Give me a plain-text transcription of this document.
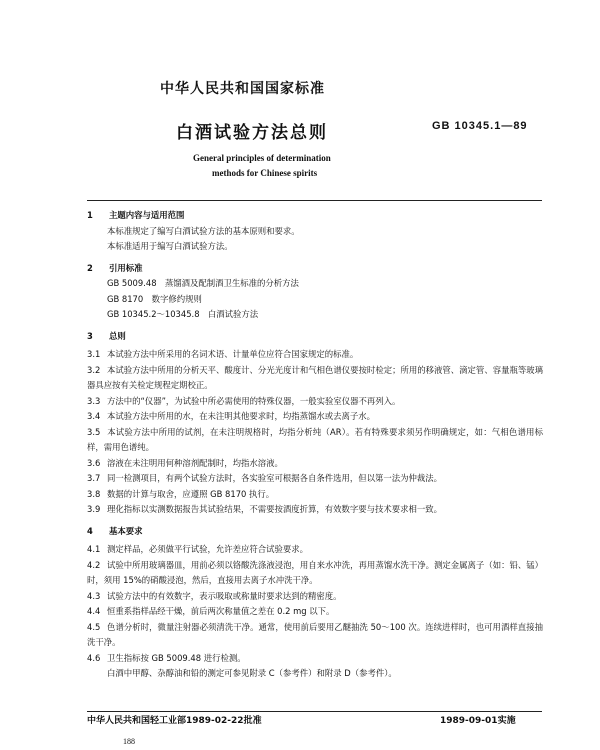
中华人民共和国国家标准
白酒试验方法总则	GB 10345.1—89
General principles of determination
methods for Chinese spirits
1 主题内容与适用范围
本标准规定了编写白酒试验方法的基本原则和要求。
本标准适用于编写白酒试验方法。
2 引用标准
GB 5009.48　蒸馏酒及配制酒卫生标准的分析方法
GB 8170　数字修约规则
GB 10345.2～10345.8　白酒试验方法
3 总则
3.1 本试验方法中所采用的名词术语、计量单位应符合国家规定的标准。
3.2 本试验方法中所用的分析天平、酸度计、分光光度计和气相色谱仪要按时检定；所用的移液管、滴定管、容量瓶等玻璃器具应按有关检定规程定期校正。
3.3 方法中的“仪器”，为试验中所必需使用的特殊仪器，一般实验室仪器不再列入。
3.4 本试验方法中所用的水，在未注明其他要求时，均指蒸馏水或去离子水。
3.5 本试验方法中所用的试剂，在未注明规格时，均指分析纯（AR）。若有特殊要求须另作明确规定，如：气相色谱用标样，需用色谱纯。
3.6 溶液在未注明用何种溶剂配制时，均指水溶液。
3.7 同一检测项目，有两个试验方法时，各实验室可根据各自条件选用，但以第一法为仲裁法。
3.8 数据的计算与取舍，应遵照 GB 8170 执行。
3.9 理化指标以实测数据报告其试验结果，不需要按酒度折算，有效数字要与技术要求相一致。
4 基本要求
4.1 测定样品，必须做平行试验，允许差应符合试验要求。
4.2 试验中所用玻璃器皿，用前必须以铬酸洗涤液浸泡，用自来水冲洗，再用蒸馏水洗干净。测定金属离子（如：铅、锰）时，须用 15%的硝酸浸泡，然后，直接用去离子水冲洗干净。
4.3 试验方法中的有效数字，表示吸取或称量时要求达到的精密度。
4.4 恒重系指样品经干燥，前后两次称量值之差在 0.2 mg 以下。
4.5 色谱分析时，微量注射器必须清洗干净。通常，使用前后要用乙醚抽洗 50～100 次。连续进样时，也可用酒样直接抽洗干净。
4.6 卫生指标按 GB 5009.48 进行检测。
白酒中甲醇、杂醇油和铅的测定可参见附录 C（参考件）和附录 D（参考件）。
中华人民共和国轻工业部1989-02-22批准	1989-09-01实施
188
